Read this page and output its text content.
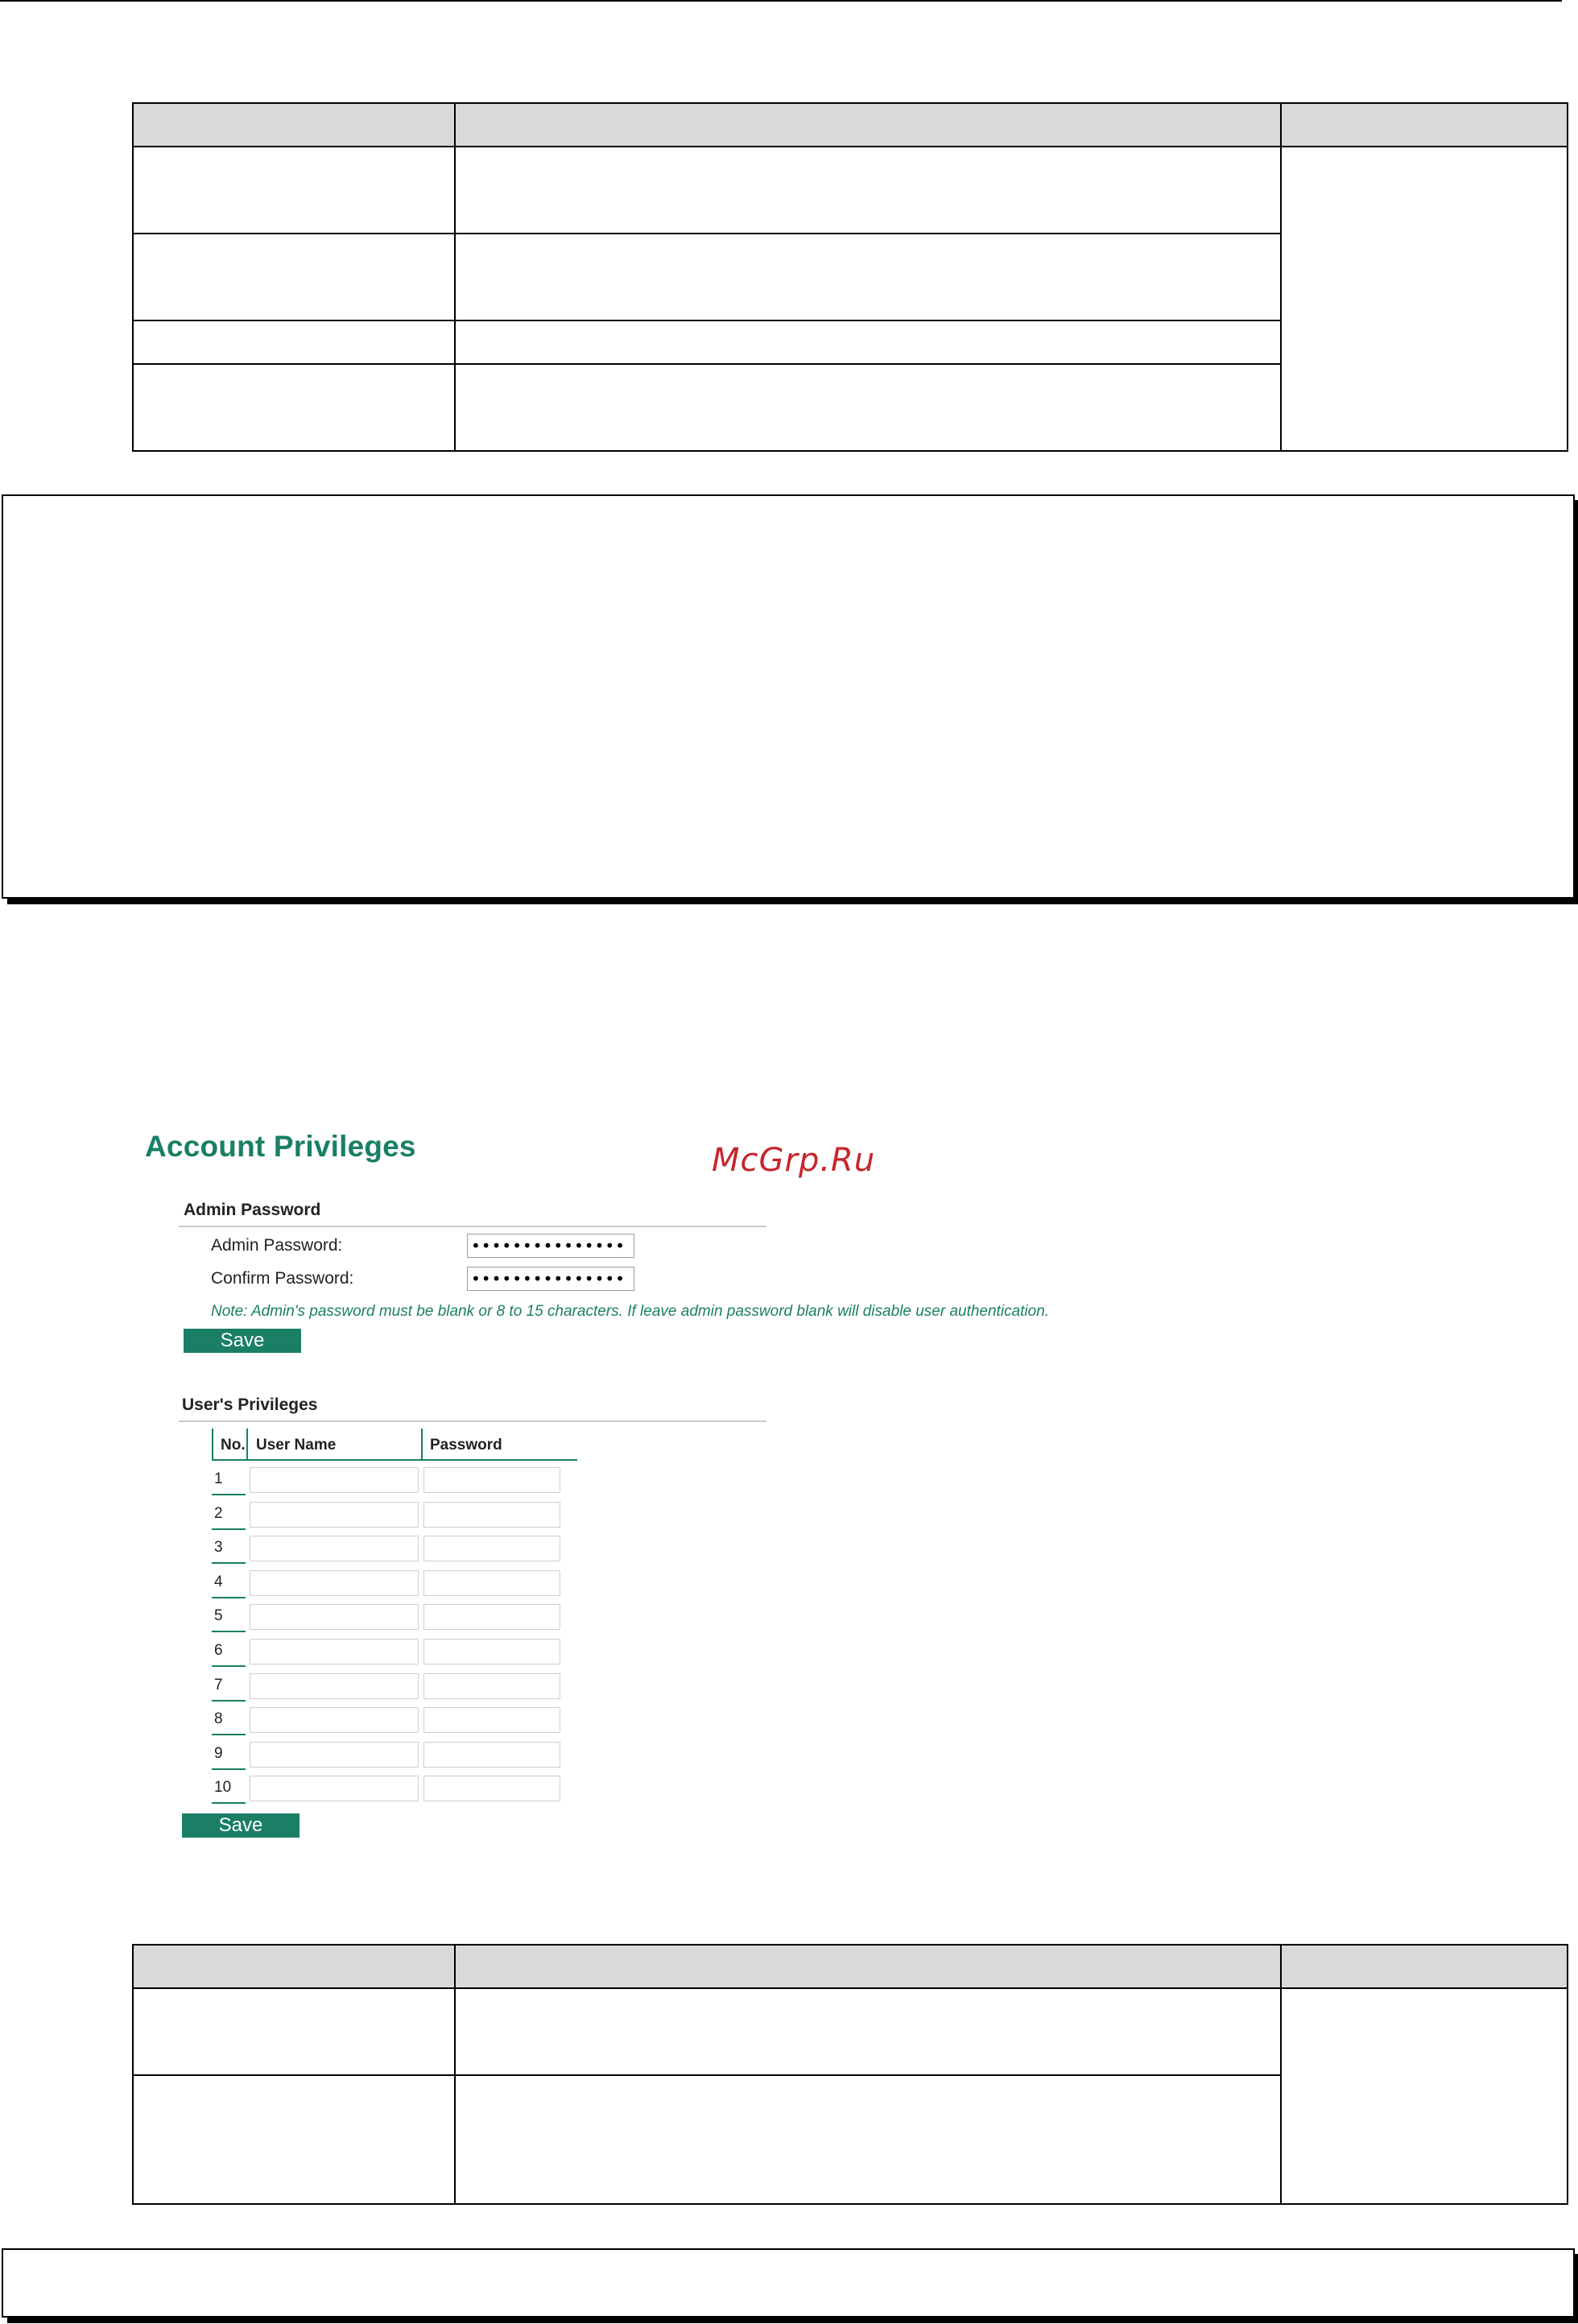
Account Privileges	McGrp.Ru
Admin Password
Admin Password:	•••••••••••••••
Confirm Password:	•••••••••••••••
Note: Admin's password must be blank or 8 to 15 characters. If leave admin password blank will disable user authentication.
Save
User's Privileges
No. User Name	Password
1
2
3
4
5
6
7
8
9
10
Save
